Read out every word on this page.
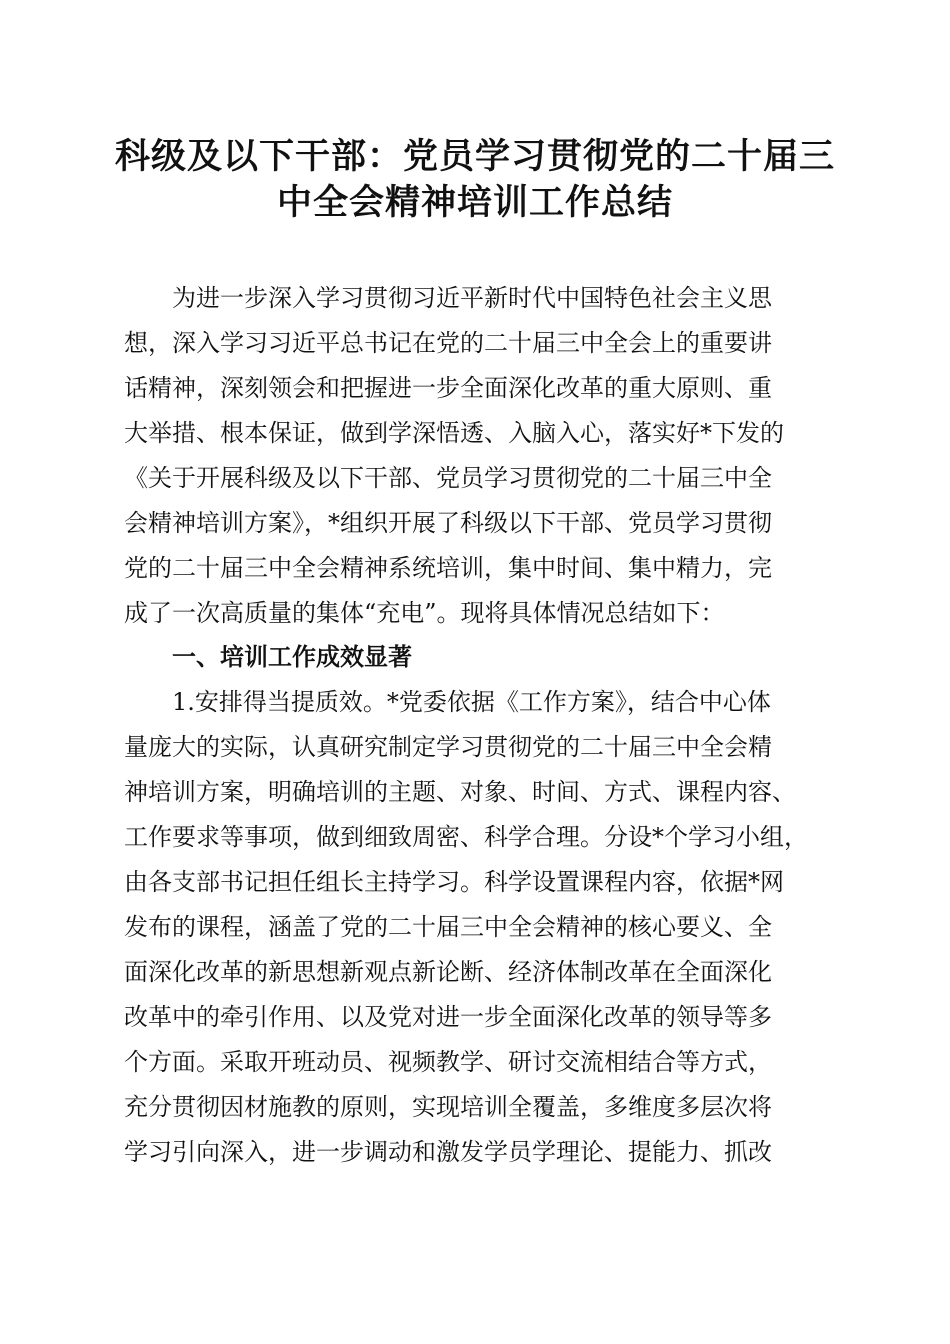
科级及以下干部：党员学习贯彻党的二十届三
中全会精神培训工作总结

为进一步深入学习贯彻习近平新时代中国特色社会主义思

想，深入学习习近平总书记在党的二十届三中全会上的重要讲

话精神，深刻领会和把握进一步全面深化改革的重大原则、重

大举措、根本保证，做到学深悟透、入脑入心，落实好*下发的

《关于开展科级及以下干部、党员学习贯彻党的二十届三中全

会精神培训方案》，*组织开展了科级以下干部、党员学习贯彻

党的二十届三中全会精神系统培训，集中时间、集中精力，完

成了一次高质量的集体“充电”。现将具体情况总结如下：

一、培训工作成效显著

1.安排得当提质效。*党委依据《工作方案》，结合中心体

量庞大的实际，认真研究制定学习贯彻党的二十届三中全会精

神培训方案，明确培训的主题、对象、时间、方式、课程内容、

工作要求等事项，做到细致周密、科学合理。分设*个学习小组，

由各支部书记担任组长主持学习。科学设置课程内容，依据*网

发布的课程，涵盖了党的二十届三中全会精神的核心要义、全

面深化改革的新思想新观点新论断、经济体制改革在全面深化

改革中的牵引作用、以及党对进一步全面深化改革的领导等多

个方面。采取开班动员、视频教学、研讨交流相结合等方式，

充分贯彻因材施教的原则，实现培训全覆盖，多维度多层次将

学习引向深入，进一步调动和激发学员学理论、提能力、抓改
